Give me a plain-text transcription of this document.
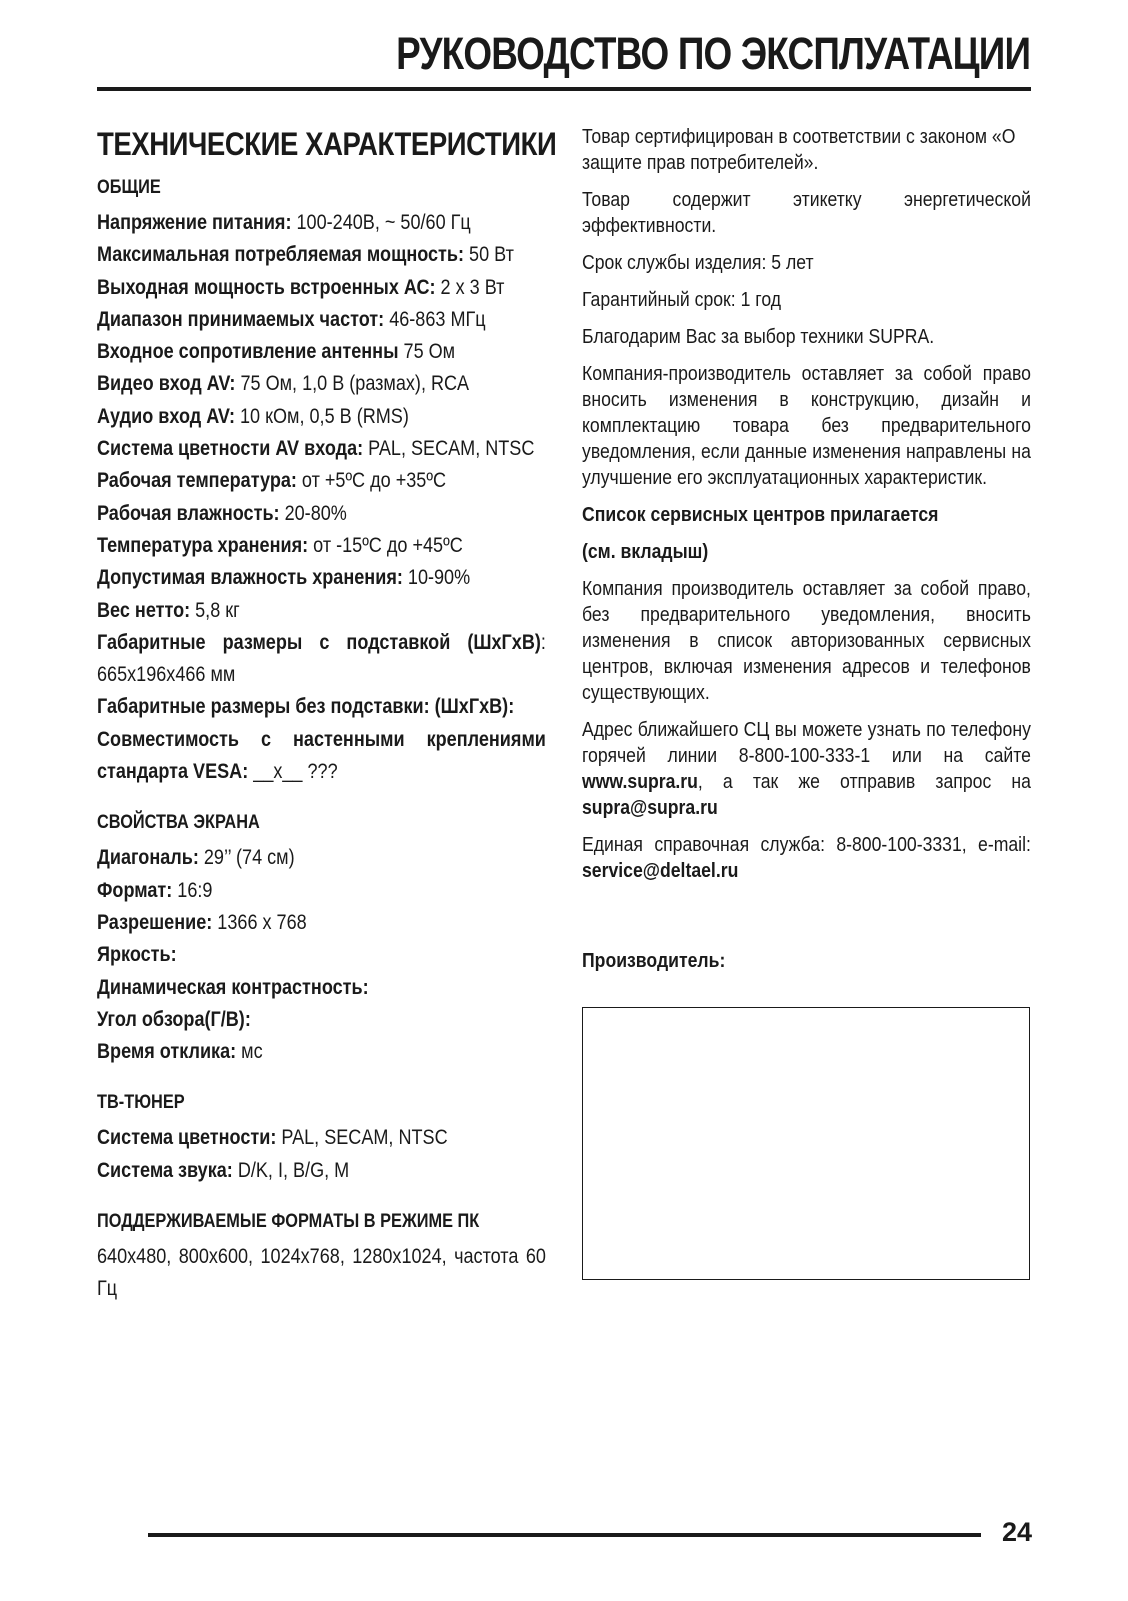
РУКОВОДСТВО ПО ЭКСПЛУАТАЦИИ
ТЕХНИЧЕСКИЕ ХАРАКТЕРИСТИКИ
ОБЩИЕ

Напряжение питания: 100-240В, ~ 50/60 Гц

Максимальная потребляемая мощность: 50 Вт

Выходная мощность встроенных АС: 2 х 3 Вт

Диапазон принимаемых частот: 46-863 МГц

Входное сопротивление антенны 75 Ом

Видео вход AV: 75 Ом, 1,0 В (размах), RCA

Аудио вход AV: 10 кОм, 0,5 В (RMS)

Система цветности AV входа: PAL, SECAM, NTSC

Рабочая температура: от +5ºС до +35ºС

Рабочая влажность: 20-80%

Температура хранения: от -15ºС до +45ºС

Допустимая влажность хранения: 10-90%

Вес нетто: 5,8 кг

Габаритные размеры с подставкой (ШхГхВ): 665х196х466 мм

Габаритные размеры без подставки: (ШхГхВ):

Совместимость с настенными креплениями стандарта VESA: __х__ ???

СВОЙСТВА ЭКРАНА

Диагональ: 29’’ (74 см)

Формат: 16:9

Разрешение: 1366 х 768

Яркость:

Динамическая контрастность:

Угол обзора(Г/В):

Время отклика: мс

ТВ-ТЮНЕР

Система цветности: PAL, SECAM, NTSC

Система звука: D/K, I, B/G, M

ПОДДЕРЖИВАЕМЫЕ ФОРМАТЫ В РЕЖИМЕ ПК

640х480, 800х600, 1024х768, 1280х1024, частота 60 Гц

Товар сертифицирован в соответствии с законом «О защите прав потребителей».

Товар содержит этикетку энергетической эффективности.

Срок службы изделия: 5 лет

Гарантийный срок: 1 год

Благодарим Вас за выбор техники SUPRA.

Компания-производитель оставляет за собой право вносить изменения в конструкцию, дизайн и комплектацию товара без предварительного уведомления, если данные изменения направлены на улучшение его эксплуатационных характеристик.

Список сервисных центров прилагается

(см. вкладыш)

Компания производитель оставляет за собой право, без предварительного уведомления, вносить изменения в список авторизованных сервисных центров, включая изменения адресов и телефонов существующих.

Адрес ближайшего СЦ вы можете узнать по телефону горячей линии 8-800-100-333-1 или на сайте www.supra.ru, а так же отправив запрос на supra@supra.ru

Единая справочная служба: 8-800-100-3331, e-mail: service@deltael.ru

Производитель:

24
